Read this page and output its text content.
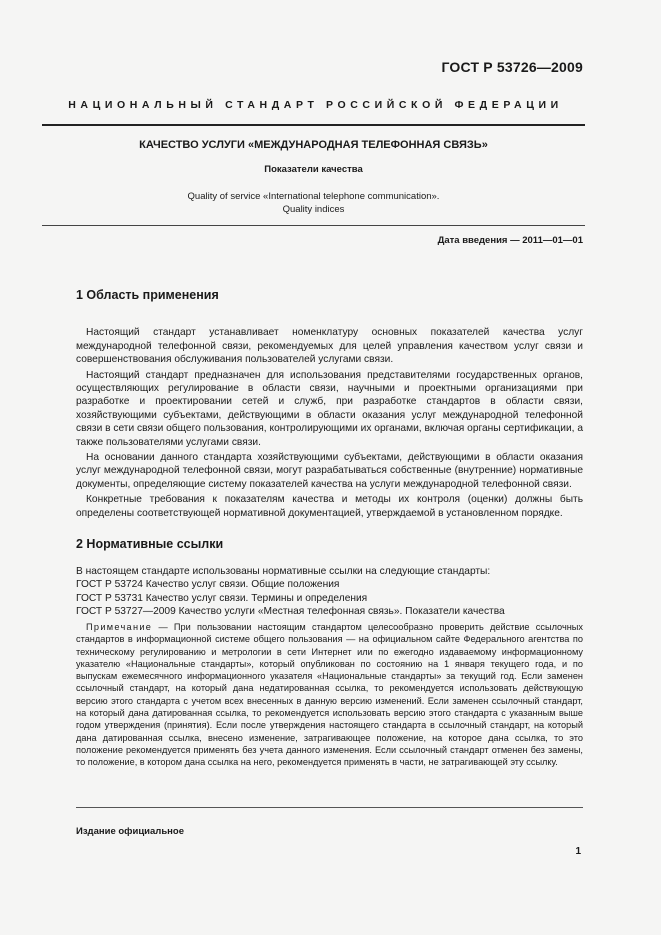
ГОСТ Р 53726—2009
НАЦИОНАЛЬНЫЙ СТАНДАРТ РОССИЙСКОЙ ФЕДЕРАЦИИ
КАЧЕСТВО УСЛУГИ «МЕЖДУНАРОДНАЯ ТЕЛЕФОННАЯ СВЯЗЬ»
Показатели качества
Quality of service «International telephone communication».
Quality indices
Дата введения — 2011—01—01
1 Область применения

Настоящий стандарт устанавливает номенклатуру основных показателей качества услуг международной телефонной связи, рекомендуемых для целей управления качеством услуг связи и совершенствования обслуживания пользователей услугами связи.

Настоящий стандарт предназначен для использования представителями государственных органов, осуществляющих регулирование в области связи, научными и проектными организациями при разработке и проектировании сетей и служб, при разработке стандартов в области связи, хозяйствующими субъектами, действующими в области оказания услуг международной телефонной связи в сети связи общего пользования, контролирующими их органами, включая органы сертификации, а также пользователями услугами связи.

На основании данного стандарта хозяйствующими субъектами, действующими в области оказания услуг международной телефонной связи, могут разрабатываться собственные (внутренние) нормативные документы, определяющие систему показателей качества на услуги международной телефонной связи.

Конкретные требования к показателям качества и методы их контроля (оценки) должны быть определены соответствующей нормативной документацией, утверждаемой в установленном порядке.

2 Нормативные ссылки
В настоящем стандарте использованы нормативные ссылки на следующие стандарты:
ГОСТ Р 53724 Качество услуг связи. Общие положения
ГОСТ Р 53731 Качество услуг связи. Термины и определения
ГОСТ Р 53727—2009 Качество услуги «Местная телефонная связь». Показатели качества
Примечание — При пользовании настоящим стандартом целесообразно проверить действие ссылочных стандартов в информационной системе общего пользования — на официальном сайте Федерального агентства по техническому регулированию и метрологии в сети Интернет или по ежегодно издаваемому информационному указателю «Национальные стандарты», который опубликован по состоянию на 1 января текущего года, и по выпускам ежемесячного информационного указателя «Национальные стандарты» за текущий год. Если заменен ссылочный стандарт, на который дана недатированная ссылка, то рекомендуется использовать действующую версию этого стандарта с учетом всех внесенных в данную версию изменений. Если заменен ссылочный стандарт, на который дана датированная ссылка, то рекомендуется использовать версию этого стандарта с указанным выше годом утверждения (принятия). Если после утверждения настоящего стандарта в ссылочный стандарт, на который дана датированная ссылка, внесено изменение, затрагивающее положение, на которое дана ссылка, то это положение рекомендуется применять без учета данного изменения. Если ссылочный стандарт отменен без замены, то положение, в котором дана ссылка на него, рекомендуется применять в части, не затрагивающей эту ссылку.
Издание официальное
1
